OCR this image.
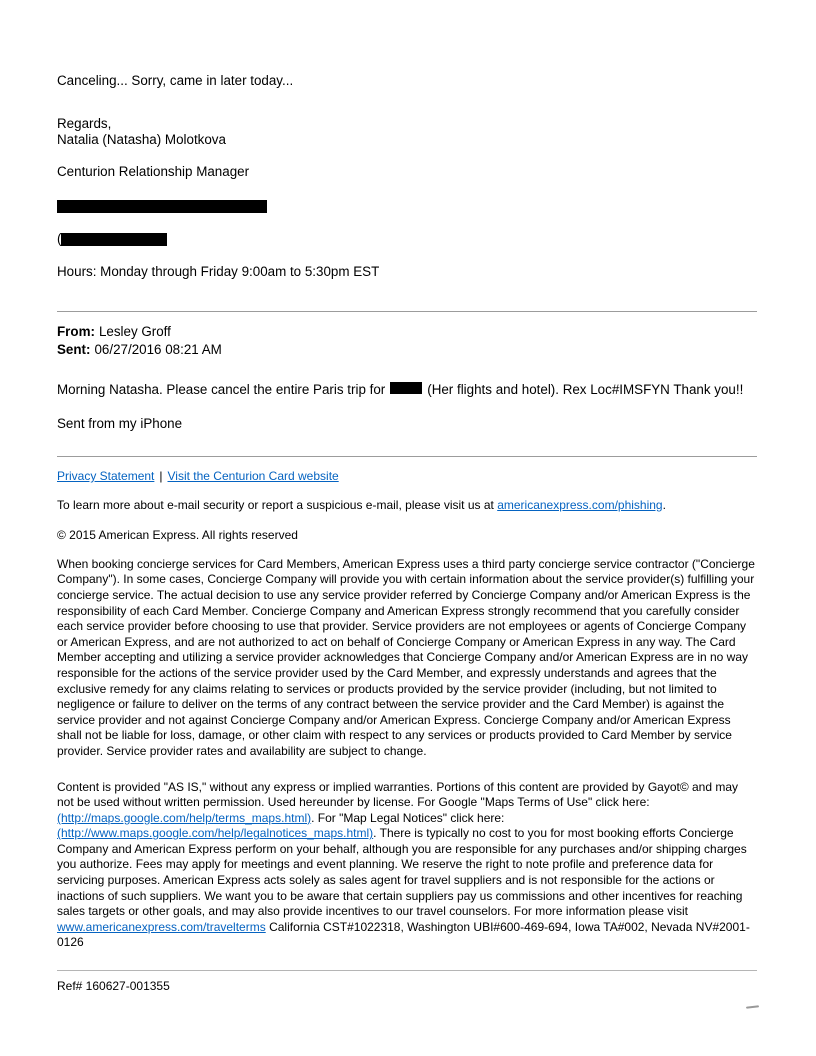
Canceling... Sorry, came in later today...

Regards,
Natalia (Natasha) Molotkova

Centurion Relationship Manager

(

Hours: Monday through Friday 9:00am to 5:30pm EST

From: Lesley Groff
Sent: 06/27/2016 08:21 AM

Morning Natasha. Please cancel the entire Paris trip for	(Her flights and hotel). Rex Loc#IMSFYN Thank you!!

Sent from my iPhone

Privacy Statement | Visit the Centurion Card website

To learn more about e-mail security or report a suspicious e-mail, please visit us at americanexpress.com/phishing.

© 2015 American Express. All rights reserved

When booking concierge services for Card Members, American Express uses a third party concierge service contractor ("Concierge Company"). In some cases, Concierge Company will provide you with certain information about the service provider(s) fulfilling your concierge service. The actual decision to use any service provider referred by Concierge Company and/or American Express is the responsibility of each Card Member. Concierge Company and American Express strongly recommend that you carefully consider each service provider before choosing to use that provider. Service providers are not employees or agents of Concierge Company or American Express, and are not authorized to act on behalf of Concierge Company or American Express in any way. The Card Member accepting and utilizing a service provider acknowledges that Concierge Company and/or American Express are in no way responsible for the actions of the service provider used by the Card Member, and expressly understands and agrees that the exclusive remedy for any claims relating to services or products provided by the service provider (including, but not limited to negligence or failure to deliver on the terms of any contract between the service provider and the Card Member) is against the service provider and not against Concierge Company and/or American Express. Concierge Company and/or American Express shall not be liable for loss, damage, or other claim with respect to any services or products provided to Card Member by service provider. Service provider rates and availability are subject to change.

Content is provided "AS IS," without any express or implied warranties. Portions of this content are provided by Gayot© and may not be used without written permission. Used hereunder by license. For Google "Maps Terms of Use" click here: (http://maps.google.com/help/terms_maps.html). For "Map Legal Notices" click here: (http://www.maps.google.com/help/legalnotices_maps.html). There is typically no cost to you for most booking efforts Concierge Company and American Express perform on your behalf, although you are responsible for any purchases and/or shipping charges you authorize. Fees may apply for meetings and event planning. We reserve the right to note profile and preference data for servicing purposes. American Express acts solely as sales agent for travel suppliers and is not responsible for the actions or inactions of such suppliers. We want you to be aware that certain suppliers pay us commissions and other incentives for reaching sales targets or other goals, and may also provide incentives to our travel counselors. For more information please visit www.americanexpress.com/travelterms California CST#1022318, Washington UBI#600-469-694, Iowa TA#002, Nevada NV#2001-0126

Ref# 160627-001355
